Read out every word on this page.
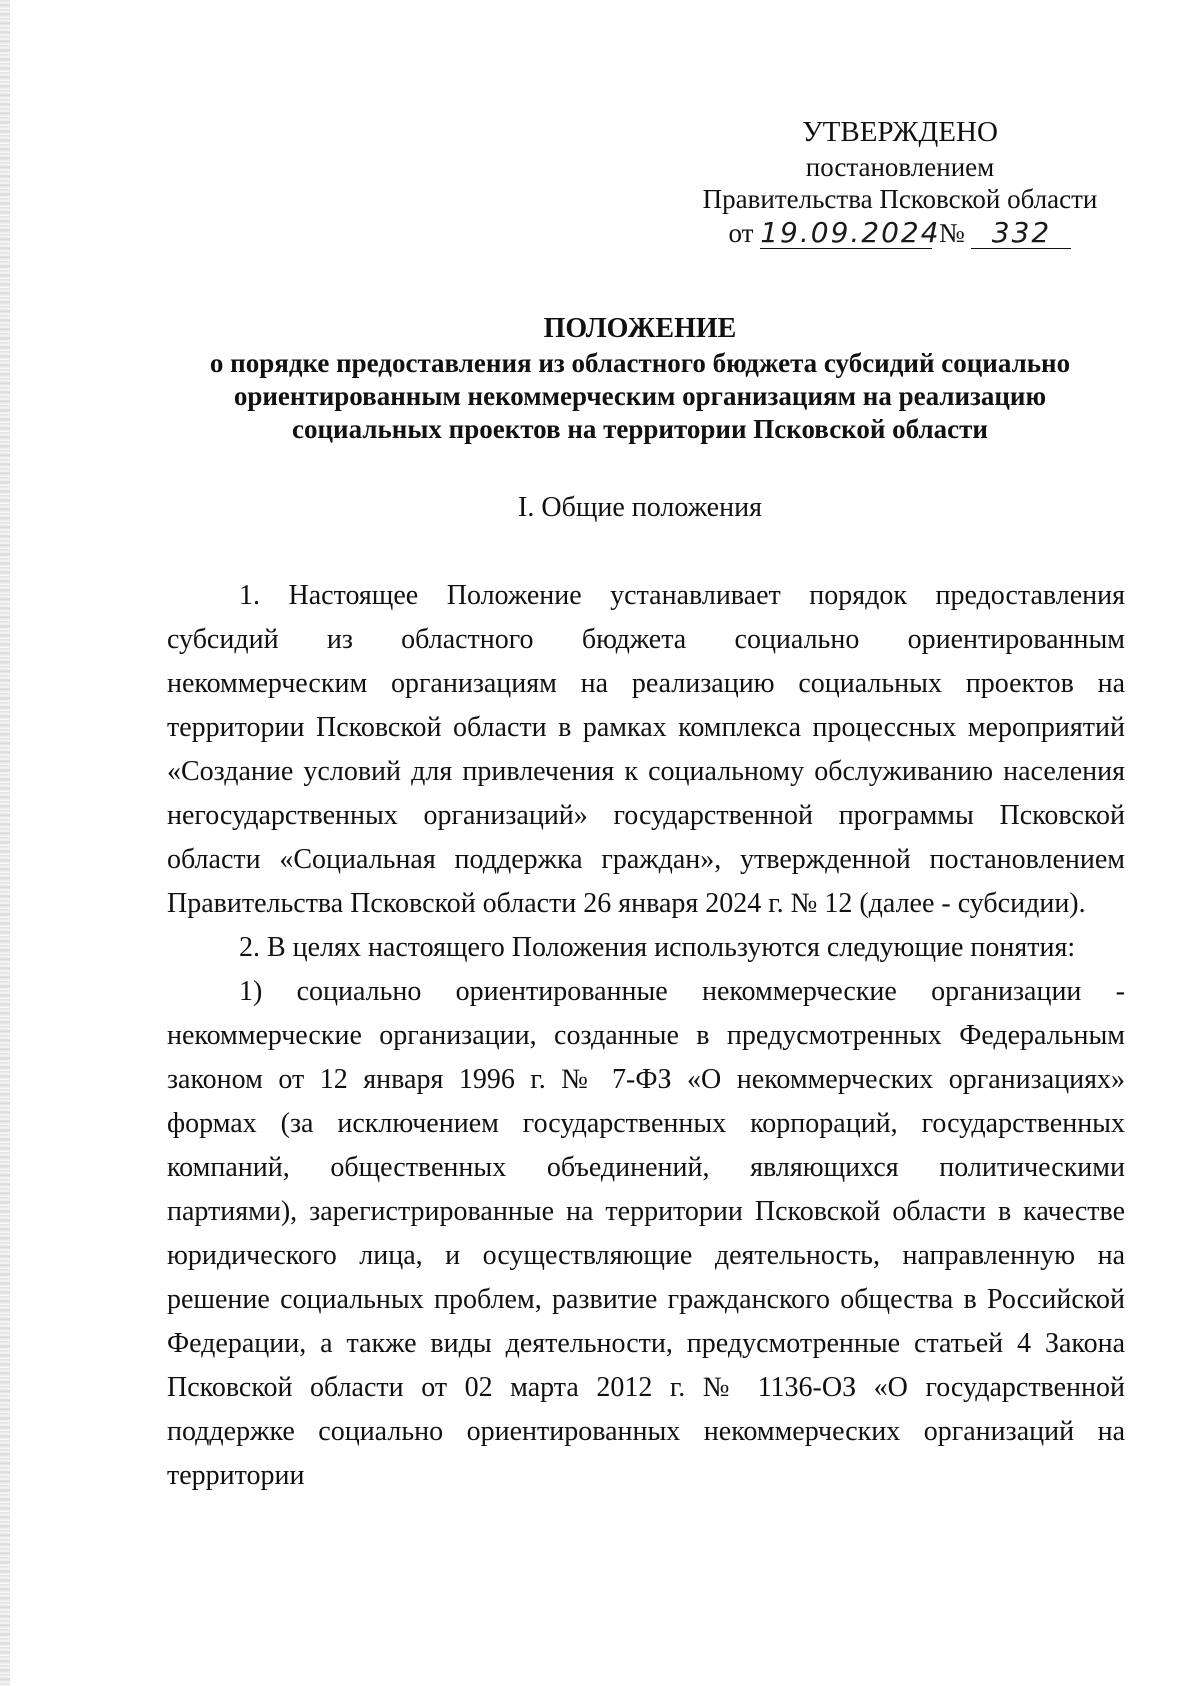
УТВЕРЖДЕНО
постановлением
Правительства Псковской области
от 19.09.2024 № 332
ПОЛОЖЕНИЕ
о порядке предоставления из областного бюджета субсидий социально
ориентированным некоммерческим организациям на реализацию
социальных проектов на территории Псковской области
I. Общие положения

1. Настоящее Положение устанавливает порядок предоставления субсидий из областного бюджета социально ориентированным некоммерческим организациям на реализацию социальных проектов на территории Псковской области в рамках комплекса процессных мероприятий «Создание условий для привлечения к социальному обслуживанию населения негосударственных организаций» государственной программы Псковской области «Социальная поддержка граждан», утвержденной постановлением Правительства Псковской области 26 января 2024 г. № 12 (далее - субсидии).

2. В целях настоящего Положения используются следующие понятия:

1) социально ориентированные некоммерческие организации - некоммерческие организации, созданные в предусмотренных Федеральным законом от 12 января 1996 г. № 7-ФЗ «О некоммерческих организациях» формах (за исключением государственных корпораций, государственных компаний, общественных объединений, являющихся политическими партиями), зарегистрированные на территории Псковской области в качестве юридического лица, и осуществляющие деятельность, направленную на решение социальных проблем, развитие гражданского общества в Российской Федерации, а также виды деятельности, предусмотренные статьей 4 Закона Псковской области от 02 марта 2012 г. № 1136-ОЗ «О государственной поддержке социально ориентированных некоммерческих организаций на территории
